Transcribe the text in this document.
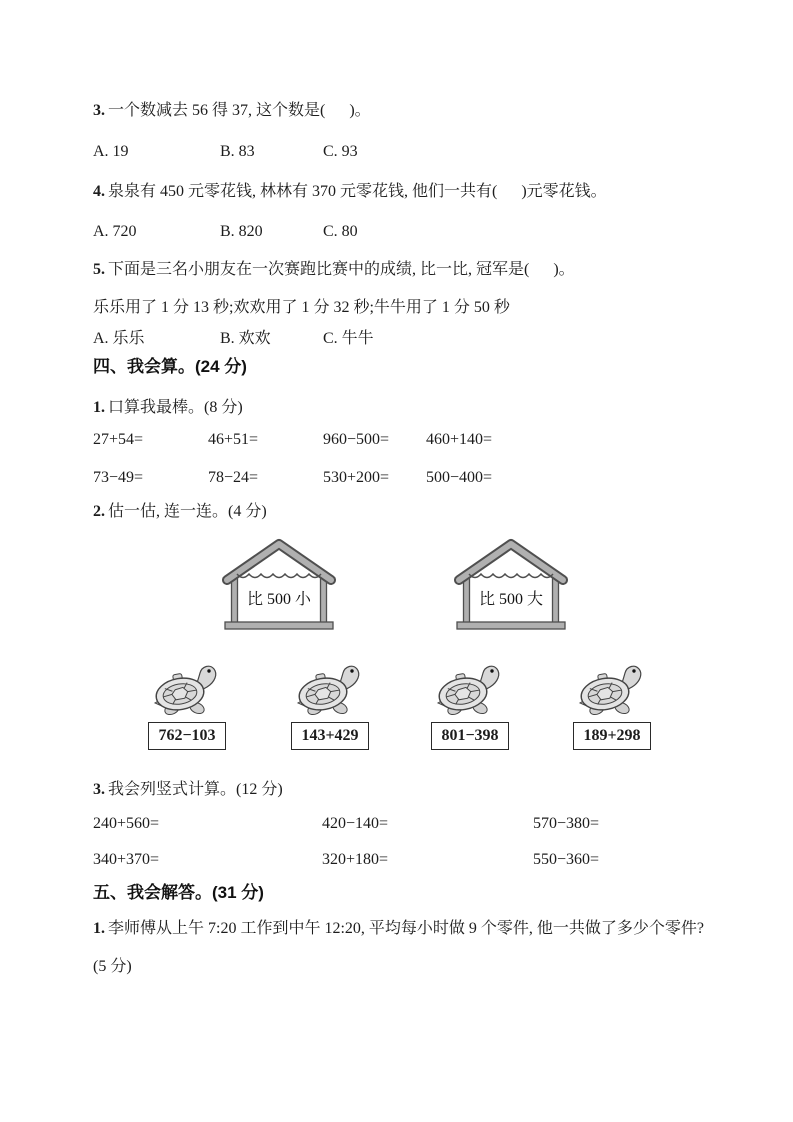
3. 一个数减去 56 得 37, 这个数是(      )。
A. 19	B. 83	C. 93
4. 泉泉有 450 元零花钱, 林林有 370 元零花钱, 他们一共有(      )元零花钱。
A. 720	B. 820	C. 80
5. 下面是三名小朋友在一次赛跑比赛中的成绩, 比一比, 冠军是(      )。
乐乐用了 1 分 13 秒;欢欢用了 1 分 32 秒;牛牛用了 1 分 50 秒
A. 乐乐	B. 欢欢	C. 牛牛
四、我会算。(24 分)
1. 口算我最棒。(8 分)
27+54=	46+51=	960−500= 460+140=
73−49=	78−24=	530+200= 500−400=
2. 估一估, 连一连。(4 分)
比 500 小	比 500 大
762−103	143+429	801−398	189+298
3. 我会列竖式计算。(12 分)
240+560=	420−140=	570−380=
340+370=	320+180=	550−360=
五、我会解答。(31 分)
1. 李师傅从上午 7:20 工作到中午 12:20, 平均每小时做 9 个零件, 他一共做了多少个零件?(5 分)
